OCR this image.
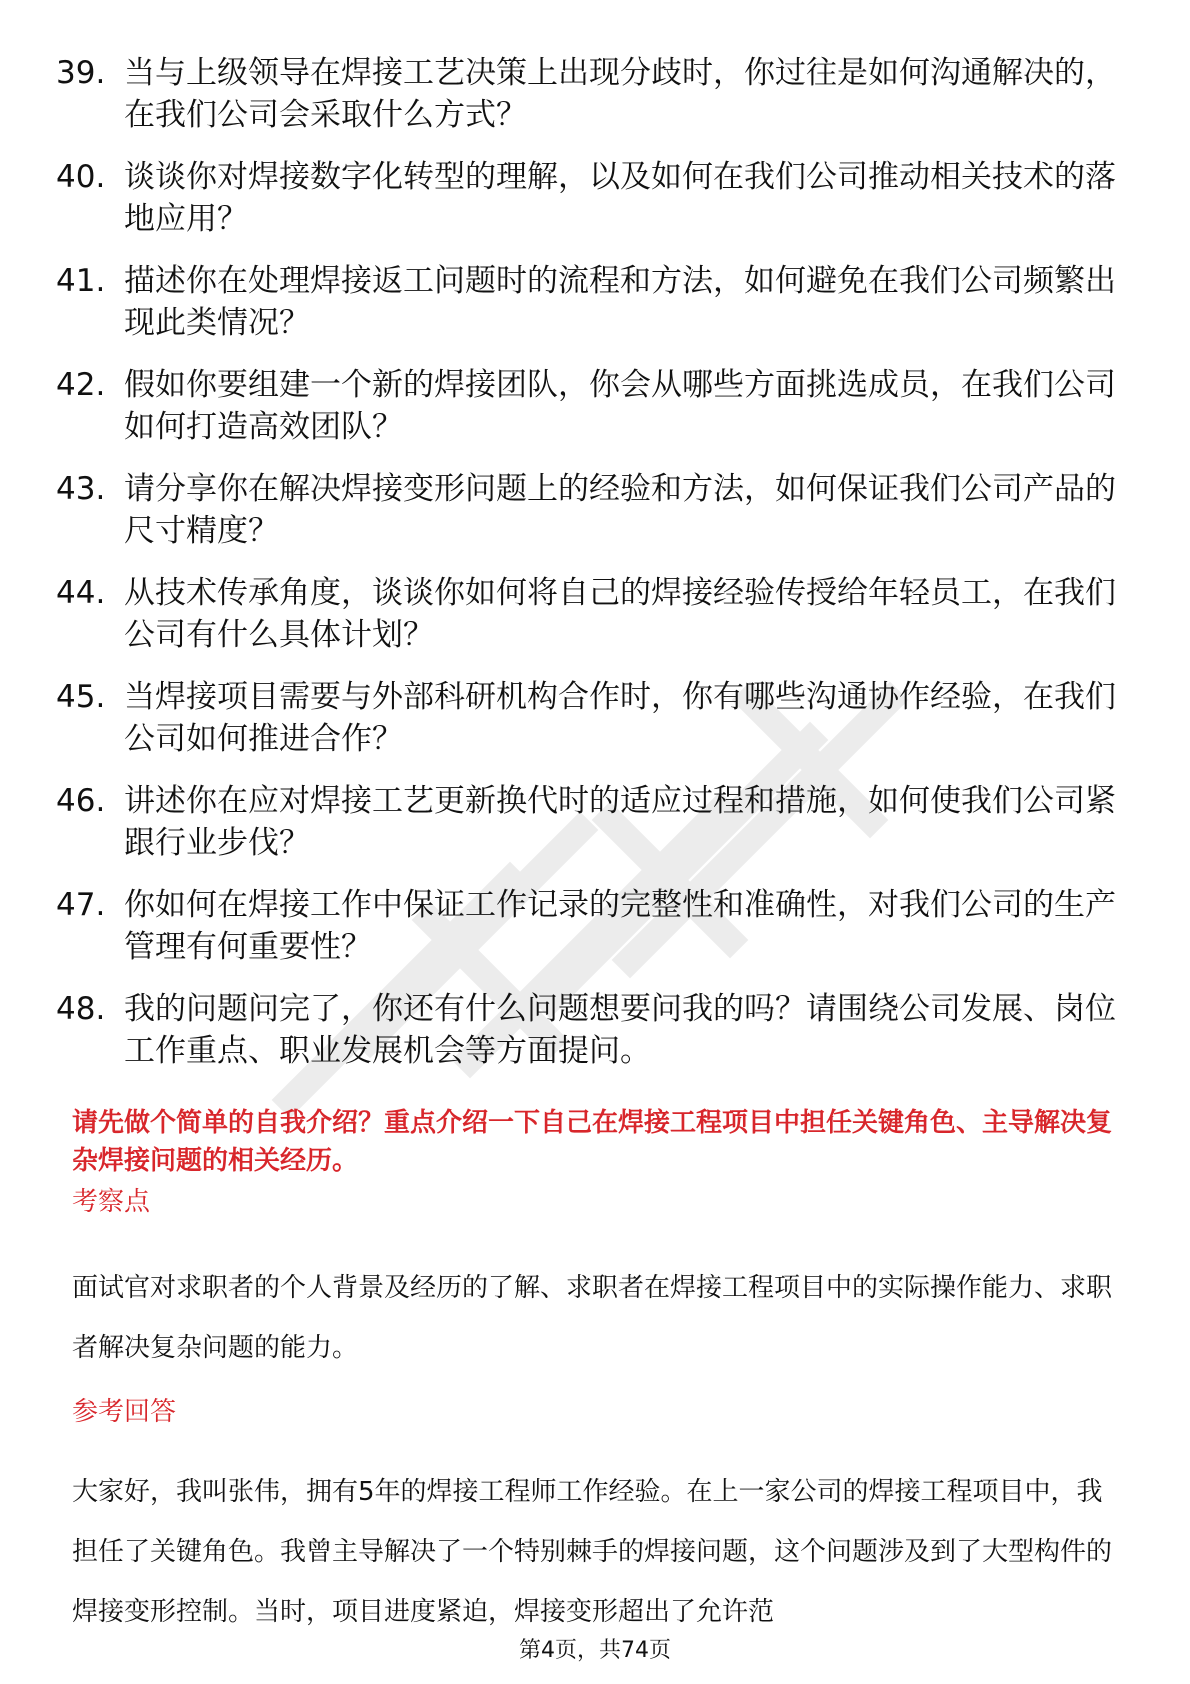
39. 当与上级领导在焊接工艺决策上出现分歧时，你过往是如何沟通解决的，在我们公司会采取什么方式？
40. 谈谈你对焊接数字化转型的理解，以及如何在我们公司推动相关技术的落地应用？
41. 描述你在处理焊接返工问题时的流程和方法，如何避免在我们公司频繁出现此类情况？
42. 假如你要组建一个新的焊接团队，你会从哪些方面挑选成员，在我们公司如何打造高效团队？
43. 请分享你在解决焊接变形问题上的经验和方法，如何保证我们公司产品的尺寸精度？
44. 从技术传承角度，谈谈你如何将自己的焊接经验传授给年轻员工，在我们公司有什么具体计划？
45. 当焊接项目需要与外部科研机构合作时，你有哪些沟通协作经验，在我们公司如何推进合作？
46. 讲述你在应对焊接工艺更新换代时的适应过程和措施，如何使我们公司紧跟行业步伐？
47. 你如何在焊接工作中保证工作记录的完整性和准确性，对我们公司的生产管理有何重要性？
48. 我的问题问完了，你还有什么问题想要问我的吗？请围绕公司发展、岗位工作重点、职业发展机会等方面提问。

请先做个简单的自我介绍？重点介绍一下自己在焊接工程项目中担任关键角色、主导解决复杂焊接问题的相关经历。

考察点

面试官对求职者的个人背景及经历的了解、求职者在焊接工程项目中的实际操作能力、求职者解决复杂问题的能力。

参考回答

大家好，我叫张伟，拥有5年的焊接工程师工作经验。在上一家公司的焊接工程项目中，我担任了关键角色。我曾主导解决了一个特别棘手的焊接问题，这个问题涉及到了大型构件的焊接变形控制。当时，项目进度紧迫，焊接变形超出了允许范

第4页，共74页
